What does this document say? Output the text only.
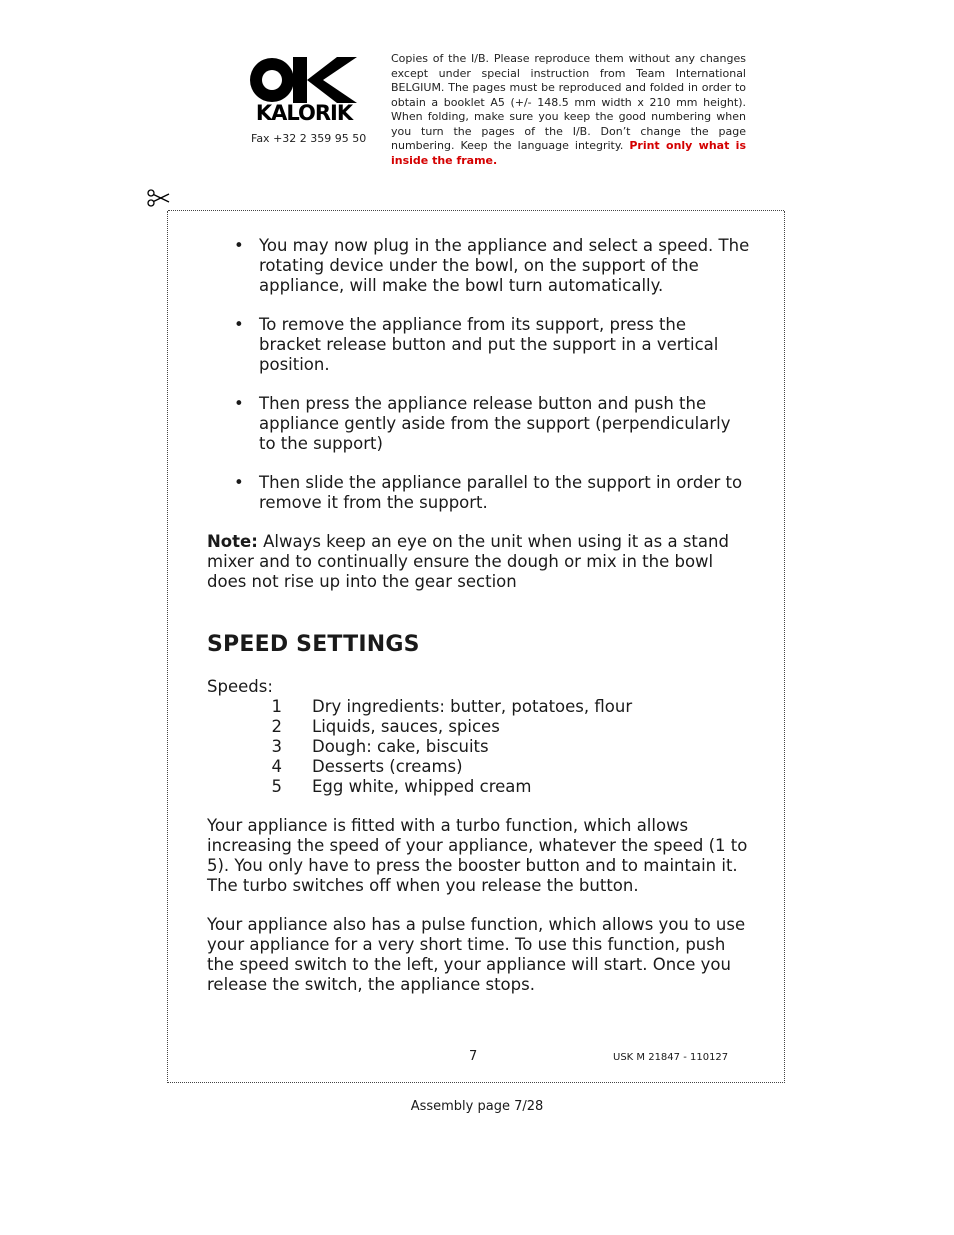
KALORIK
Fax +32 2 359 95 50
Copies of the I/B. Please reproduce them without any changes except under special instruction from Team International BELGIUM. The pages must be reproduced and folded in order to obtain a booklet A5 (+/- 148.5 mm width x 210 mm height). When folding, make sure you keep the good numbering when you turn the pages of the I/B. Don’t change the page numbering. Keep the language integrity. Print only what is inside the frame.
• You may now plug in the appliance and select a speed. The rotating device under the bowl, on the support of the appliance, will make the bowl turn automatically.
• To remove the appliance from its support, press the bracket release button and put the support in a vertical position.
• Then press the appliance release button and push the appliance gently aside from the support (perpendicularly to the support)
• Then slide the appliance parallel to the support in order to remove it from the support.

Note: Always keep an eye on the unit when using it as a stand mixer and to continually ensure the dough or mix in the bowl does not rise up into the gear section

SPEED SETTINGS

Speeds:

1	Dry ingredients: butter, potatoes, flour
2	Liquids, sauces, spices
3	Dough: cake, biscuits
4	Desserts (creams)
5	Egg white, whipped cream

Your appliance is fitted with a turbo function, which allows increasing the speed of your appliance, whatever the speed (1 to 5). You only have to press the booster button and to maintain it. The turbo switches off when you release the button.

Your appliance also has a pulse function, which allows you to use your appliance for a very short time. To use this function, push the speed switch to the left, your appliance will start. Once you release the switch, the appliance stops.

7	USK M 21847 - 110127
Assembly page 7/28
